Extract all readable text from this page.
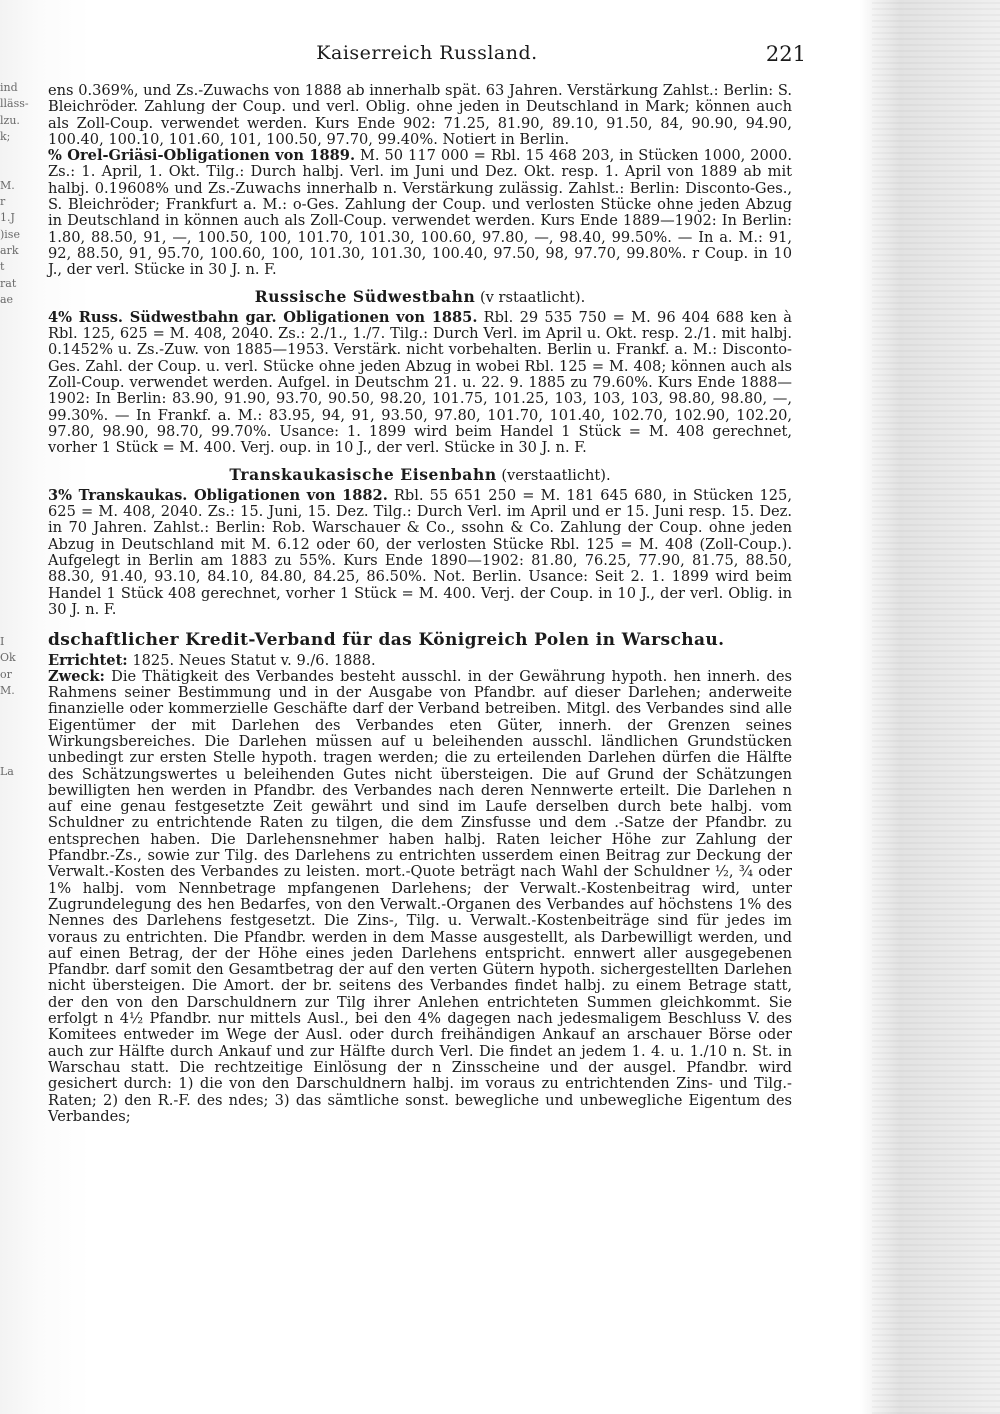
ind
lläss-
lzu.
k;

M.
r
1.J
)ise
ark
t
rat
ae

I
Ok
or
M.

La
Kaiserreich Russland.	221

ens 0.369%, und Zs.-Zuwachs von 1888 ab innerhalb spät. 63 Jahren. Verstärkung Zahlst.: Berlin: S. Bleichröder. Zahlung der Coup. und verl. Oblig. ohne jeden in Deutschland in Mark; können auch als Zoll-Coup. verwendet werden. Kurs Ende 902: 71.25, 81.90, 89.10, 91.50, 84, 90.90, 94.90, 100.40, 100.10, 101.60, 101, 100.50, 97.70, 99.40%. Notiert in Berlin.

% Orel-Griäsi-Obligationen von 1889. M. 50 117 000 = Rbl. 15 468 203, in Stücken 1000, 2000. Zs.: 1. April, 1. Okt. Tilg.: Durch halbj. Verl. im Juni und Dez. Okt. resp. 1. April von 1889 ab mit halbj. 0.19608% und Zs.-Zuwachs innerhalb n. Verstärkung zulässig. Zahlst.: Berlin: Disconto-Ges., S. Bleichröder; Frankfurt a. M.: o-Ges. Zahlung der Coup. und verlosten Stücke ohne jeden Abzug in Deutschland in können auch als Zoll-Coup. verwendet werden. Kurs Ende 1889—1902: In Berlin: 1.80, 88.50, 91, —, 100.50, 100, 101.70, 101.30, 100.60, 97.80, —, 98.40, 99.50%. — In a. M.: 91, 92, 88.50, 91, 95.70, 100.60, 100, 101.30, 101.30, 100.40, 97.50, 98, 97.70, 99.80%. r Coup. in 10 J., der verl. Stücke in 30 J. n. F.

Russische Südwestbahn (v rstaatlicht).

4% Russ. Südwestbahn gar. Obligationen von 1885. Rbl. 29 535 750 = M. 96 404 688 ken à Rbl. 125, 625 = M. 408, 2040. Zs.: 2./1., 1./7. Tilg.: Durch Verl. im April u. Okt. resp. 2./1. mit halbj. 0.1452% u. Zs.-Zuw. von 1885—1953. Verstärk. nicht vorbehalten. Berlin u. Frankf. a. M.: Disconto-Ges. Zahl. der Coup. u. verl. Stücke ohne jeden Abzug in wobei Rbl. 125 = M. 408; können auch als Zoll-Coup. verwendet werden. Aufgel. in Deutschm 21. u. 22. 9. 1885 zu 79.60%. Kurs Ende 1888—1902: In Berlin: 83.90, 91.90, 93.70, 90.50, 98.20, 101.75, 101.25, 103, 103, 103, 98.80, 98.80, —, 99.30%. — In Frankf. a. M.: 83.95, 94, 91, 93.50, 97.80, 101.70, 101.40, 102.70, 102.90, 102.20, 97.80, 98.90, 98.70, 99.70%. Usance: 1. 1899 wird beim Handel 1 Stück = M. 408 gerechnet, vorher 1 Stück = M. 400. Verj. oup. in 10 J., der verl. Stücke in 30 J. n. F.

Transkaukasische Eisenbahn (verstaatlicht).

3% Transkaukas. Obligationen von 1882. Rbl. 55 651 250 = M. 181 645 680, in Stücken 125, 625 = M. 408, 2040. Zs.: 15. Juni, 15. Dez. Tilg.: Durch Verl. im April und er 15. Juni resp. 15. Dez. in 70 Jahren. Zahlst.: Berlin: Rob. Warschauer & Co., ssohn & Co. Zahlung der Coup. ohne jeden Abzug in Deutschland mit M. 6.12 oder 60, der verlosten Stücke Rbl. 125 = M. 408 (Zoll-Coup.). Aufgelegt in Berlin am 1883 zu 55%. Kurs Ende 1890—1902: 81.80, 76.25, 77.90, 81.75, 88.50, 88.30, 91.40, 93.10, 84.10, 84.80, 84.25, 86.50%. Not. Berlin. Usance: Seit 2. 1. 1899 wird beim Handel 1 Stück 408 gerechnet, vorher 1 Stück = M. 400. Verj. der Coup. in 10 J., der verl. Oblig. in 30 J. n. F.

dschaftlicher Kredit-Verband für das Königreich Polen in Warschau.

Errichtet: 1825. Neues Statut v. 9./6. 1888.

Zweck: Die Thätigkeit des Verbandes besteht ausschl. in der Gewährung hypoth. hen innerh. des Rahmens seiner Bestimmung und in der Ausgabe von Pfandbr. auf dieser Darlehen; anderweite finanzielle oder kommerzielle Geschäfte darf der Verband betreiben. Mitgl. des Verbandes sind alle Eigentümer der mit Darlehen des Verbandes eten Güter, innerh. der Grenzen seines Wirkungsbereiches. Die Darlehen müssen auf u beleihenden ausschl. ländlichen Grundstücken unbedingt zur ersten Stelle hypoth. tragen werden; die zu erteilenden Darlehen dürfen die Hälfte des Schätzungswertes u beleihenden Gutes nicht übersteigen. Die auf Grund der Schätzungen bewilligten hen werden in Pfandbr. des Verbandes nach deren Nennwerte erteilt. Die Darlehen n auf eine genau festgesetzte Zeit gewährt und sind im Laufe derselben durch bete halbj. vom Schuldner zu entrichtende Raten zu tilgen, die dem Zinsfusse und dem .-Satze der Pfandbr. zu entsprechen haben. Die Darlehensnehmer haben halbj. Raten leicher Höhe zur Zahlung der Pfandbr.-Zs., sowie zur Tilg. des Darlehens zu entrichten usserdem einen Beitrag zur Deckung der Verwalt.-Kosten des Verbandes zu leisten. mort.-Quote beträgt nach Wahl der Schuldner ½, ¾ oder 1% halbj. vom Nennbetrage mpfangenen Darlehens; der Verwalt.-Kostenbeitrag wird, unter Zugrundelegung des hen Bedarfes, von den Verwalt.-Organen des Verbandes auf höchstens 1% des Nennes des Darlehens festgesetzt. Die Zins-, Tilg. u. Verwalt.-Kostenbeiträge sind für jedes im voraus zu entrichten. Die Pfandbr. werden in dem Masse ausgestellt, als Darbewilligt werden, und auf einen Betrag, der der Höhe eines jeden Darlehens entspricht. ennwert aller ausgegebenen Pfandbr. darf somit den Gesamtbetrag der auf den verten Gütern hypoth. sichergestellten Darlehen nicht übersteigen. Die Amort. der br. seitens des Verbandes findet halbj. zu einem Betrage statt, der den von den Darschuldnern zur Tilg ihrer Anlehen entrichteten Summen gleichkommt. Sie erfolgt n 4½ Pfandbr. nur mittels Ausl., bei den 4% dagegen nach jedesmaligem Beschluss V. des Komitees entweder im Wege der Ausl. oder durch freihändigen Ankauf an arschauer Börse oder auch zur Hälfte durch Ankauf und zur Hälfte durch Verl. Die findet an jedem 1. 4. u. 1./10 n. St. in Warschau statt. Die rechtzeitige Einlösung der n Zinsscheine und der ausgel. Pfandbr. wird gesichert durch: 1) die von den Darschuldnern halbj. im voraus zu entrichtenden Zins- und Tilg.-Raten; 2) den R.-F. des ndes; 3) das sämtliche sonst. bewegliche und unbewegliche Eigentum des Verbandes;
